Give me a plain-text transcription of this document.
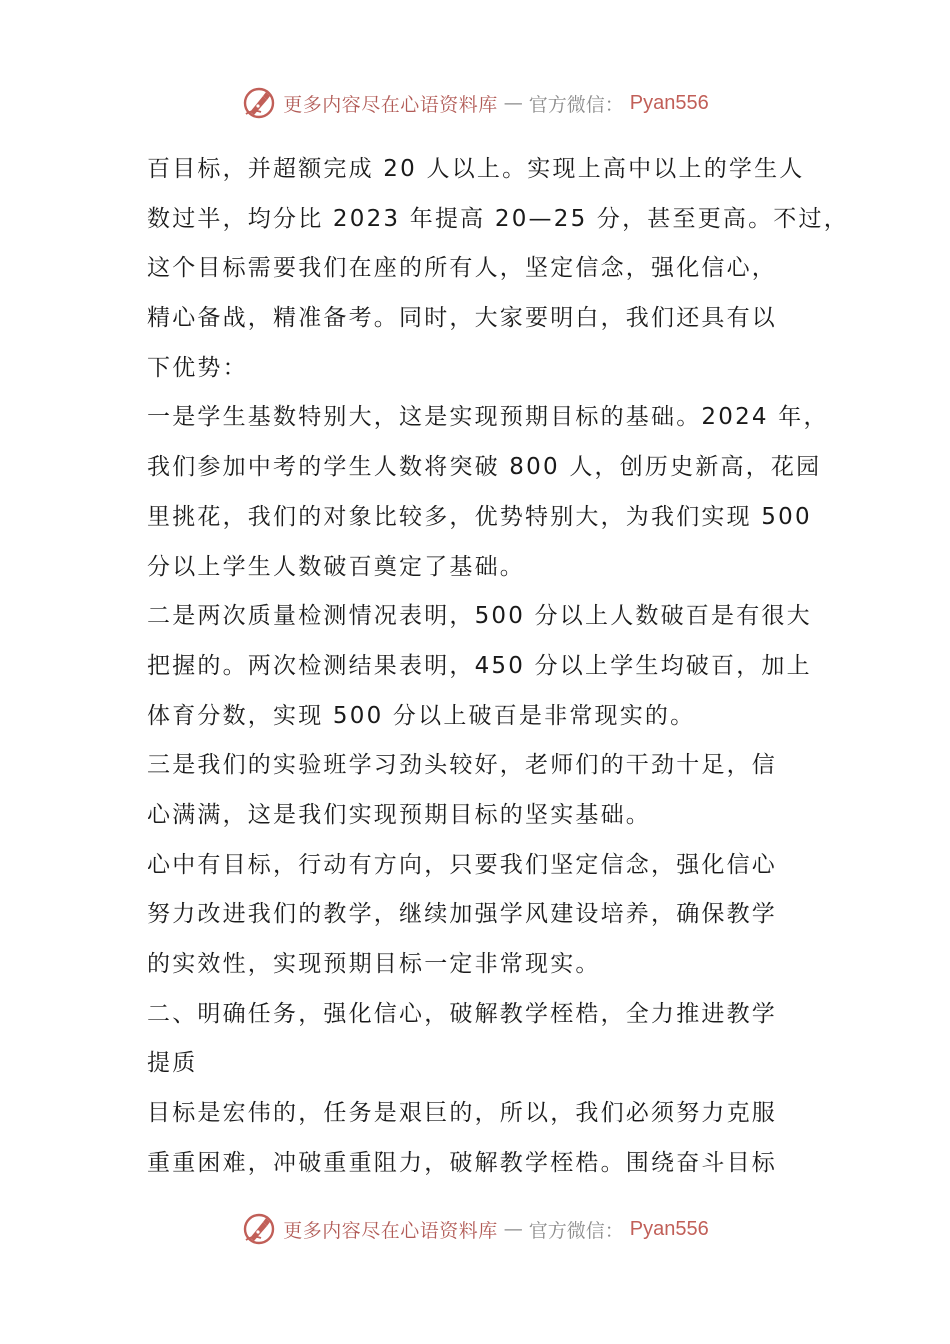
更多内容尽在心语资料库 — 官方微信： Pyan556
百目标，并超额完成 20 人以上。实现上高中以上的学生人
数过半，均分比 2023 年提高 20—25 分，甚至更高。不过，
这个目标需要我们在座的所有人，坚定信念，强化信心，
精心备战，精准备考。同时，大家要明白，我们还具有以
下优势：
一是学生基数特别大，这是实现预期目标的基础。2024 年，
我们参加中考的学生人数将突破 800 人，创历史新高，花园
里挑花，我们的对象比较多，优势特别大，为我们实现 500
分以上学生人数破百奠定了基础。
二是两次质量检测情况表明，500 分以上人数破百是有很大
把握的。两次检测结果表明，450 分以上学生均破百，加上
体育分数，实现 500 分以上破百是非常现实的。
三是我们的实验班学习劲头较好，老师们的干劲十足，信
心满满，这是我们实现预期目标的坚实基础。
心中有目标，行动有方向，只要我们坚定信念，强化信心
努力改进我们的教学，继续加强学风建设培养，确保教学
的实效性，实现预期目标一定非常现实。
二、明确任务，强化信心，破解教学桎梏，全力推进教学
提质
目标是宏伟的，任务是艰巨的，所以，我们必须努力克服
重重困难，冲破重重阻力，破解教学桎梏。围绕奋斗目标
更多内容尽在心语资料库 — 官方微信： Pyan556
